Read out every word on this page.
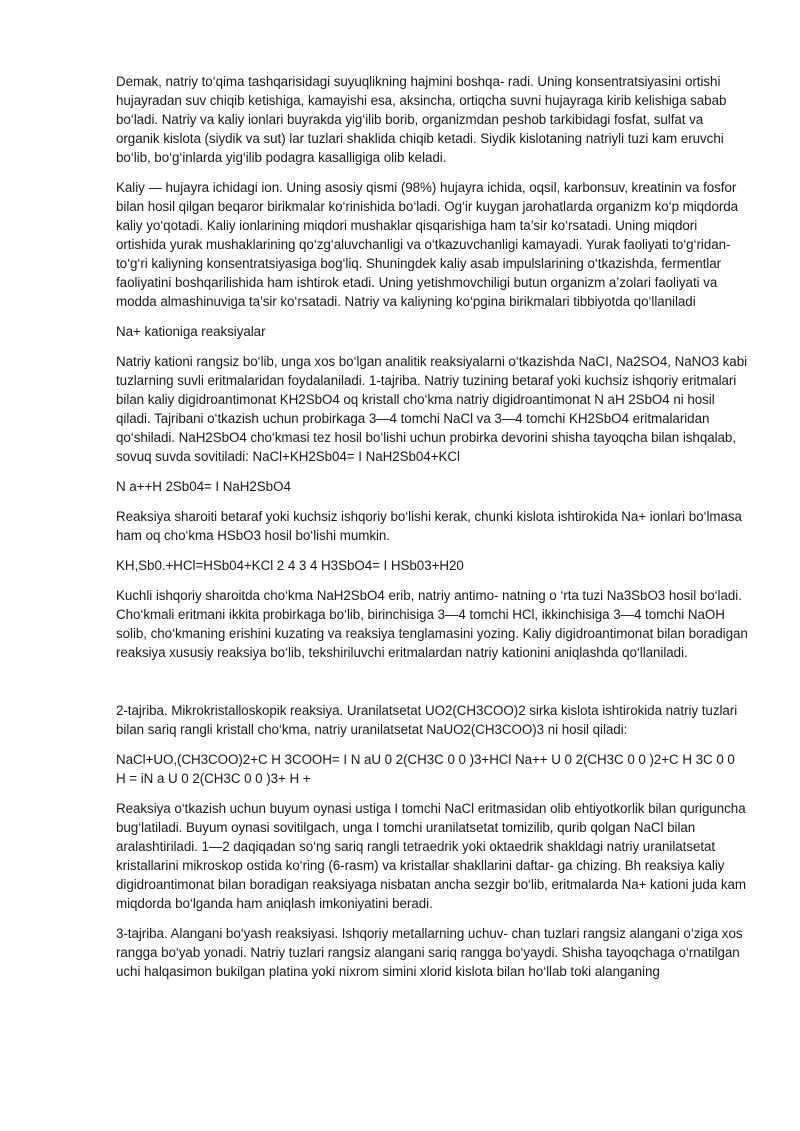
Demak, natriy to‘qima tashqarisidagi suyuqlikning hajmini boshqa- radi. Uning konsentratsiyasini ortishi hujayradan suv chiqib ketishiga, kamayishi esa, aksincha, ortiqcha suvni hujayraga kirib kelishiga sabab bo‘ladi. Natriy va kaliy ionlari buyrakda yig‘ilib borib, organizmdan peshob tarkibidagi fosfat, sulfat va organik kislota (siydik va sut) lar tuzlari shaklida chiqib ketadi. Siydik kislotaning natriyli tuzi kam eruvchi bo‘lib, bo‘g‘inlarda yig‘ilib podagra kasalligiga olib keladi.

Kaliy — hujayra ichidagi ion. Uning asosiy qismi (98%) hujayra ichida, oqsil, karbonsuv, kreatinin va fosfor bilan hosil qilgan beqaror birikmalar ko‘rinishida bo‘ladi. Og‘ir kuygan jarohatlarda organizm ko‘p miqdorda kaliy yo‘qotadi. Kaliy ionlarining miqdori mushaklar qisqarishiga ham ta’sir ko‘rsatadi. Uning miqdori ortishida yurak mushaklarining qo‘zg‘aluvchanligi va o‘tkazuvchanligi kamayadi. Yurak faoliyati to‘g‘ridan-to‘g‘ri kaliyning konsentratsiyasiga bog‘liq. Shuningdek kaliy asab impulslarining o‘tkazishda, fermentlar faoliyatini boshqarilishida ham ishtirok etadi. Uning yetishmovchiligi butun organizm a’zolari faoliyati va modda almashinuviga ta’sir ko‘rsatadi. Natriy va kaliyning ko‘pgina birikmalari tibbiyotda qo‘llaniladi

Na+ kationiga reaksiyalar

Natriy kationi rangsiz bo‘lib, unga xos bo‘lgan analitik reaksiyalarni o‘tkazishda NaCI, Na2SO4, NaNO3 kabi tuzlarning suvli eritmalaridan foydalaniladi. 1-tajriba. Natriy tuzining betaraf yoki kuchsiz ishqoriy eritmalari bilan kaliy digidroantimonat KH2SbO4 oq kristall cho‘kma natriy digidroantimonat N aH 2SbO4 ni hosil qiladi. Tajribani o‘tkazish uchun probirkaga 3—4 tomchi NaCl va 3—4 tomchi KH2SbO4 eritmalaridan qo‘shiladi. NaH2SbO4 cho‘kmasi tez hosil bo‘lishi uchun probirka devorini shisha tayoqcha bilan ishqalab, sovuq suvda sovitiladi: NaCl+KH2Sb04= I NaH2Sb04+KCl

N a++H 2Sb04= I NaH2SbO4

Reaksiya sharoiti betaraf yoki kuchsiz ishqoriy bo‘lishi kerak, chunki kislota ishtirokida Na+ ionlari bo‘lmasa ham oq cho‘kma HSbO3 hosil bo‘lishi mumkin.

KH,Sb0.+HCl=HSb04+KCl 2 4 3 4 H3SbO4= I HSb03+H20

Kuchli ishqoriy sharoitda cho‘kma NaH2SbO4 erib, natriy antimo- natning o ‘rta tuzi Na3SbO3 hosil bo‘ladi. Cho‘kmali eritmani ikkita probirkaga bo‘lib, birinchisiga 3—4 tomchi HCl, ikkinchisiga 3—4 tomchi NaOH solib, cho‘kmaning erishini kuzating va reaksiya tenglamasini yozing. Kaliy digidroantimonat bilan boradigan reaksiya xususiy reaksiya bo‘lib, tekshiriluvchi eritmalardan natriy kationini aniqlashda qo‘llaniladi.

2-tajriba. Mikrokristalloskopik reaksiya. Uranilatsetat UO2(CH3COO)2 sirka kislota ishtirokida natriy tuzlari bilan sariq rangli kristall cho‘kma, natriy uranilatsetat NaUO2(CH3COO)3 ni hosil qiladi:

NaCl+UO,(CH3COO)2+C H 3COOH= I N aU 0 2(CH3C 0 0 )3+HCl Na++ U 0 2(CH3C 0 0 )2+C H 3C 0 0 H = iN a U 0 2(CH3C 0 0 )3+ H +

Reaksiya o‘tkazish uchun buyum oynasi ustiga I tomchi NaCl eritmasidan olib ehtiyotkorlik bilan qurigunсha bug‘latiladi. Buyum oynasi sovitilgach, unga I tomchi uranilatsetat tomizilib, qurib qolgan NaCl bilan aralashtiriladi. 1—2 daqiqadan so‘ng sariq rangli tetraedrik yoki oktaedrik shakldagi natriy uranilatsetat kristallarini mikroskop ostida ko‘ring (6-rasm) va kristallar shakllarini daftar- ga chizing. Bh reaksiya kaliy digidroantimonat bilan boradigan reaksiyaga nisbatan ancha sezgir bo‘lib, eritmalarda Na+ kationi juda kam miqdorda bo‘lganda ham aniqlash imkoniyatini beradi.

3-tajriba. Alangani bo‘yash reaksiyasi. Ishqoriy metallarning uchuv- chan tuzlari rangsiz alangani o‘ziga xos rangga bo‘yab yonadi. Natriy tuzlari rangsiz alangani sariq rangga bo‘yaydi. Shisha tayoqchaga o‘rnatilgan uchi halqasimon bukilgan platina yoki nixrom simini xlorid kislota bilan ho‘llab toki alanganing
